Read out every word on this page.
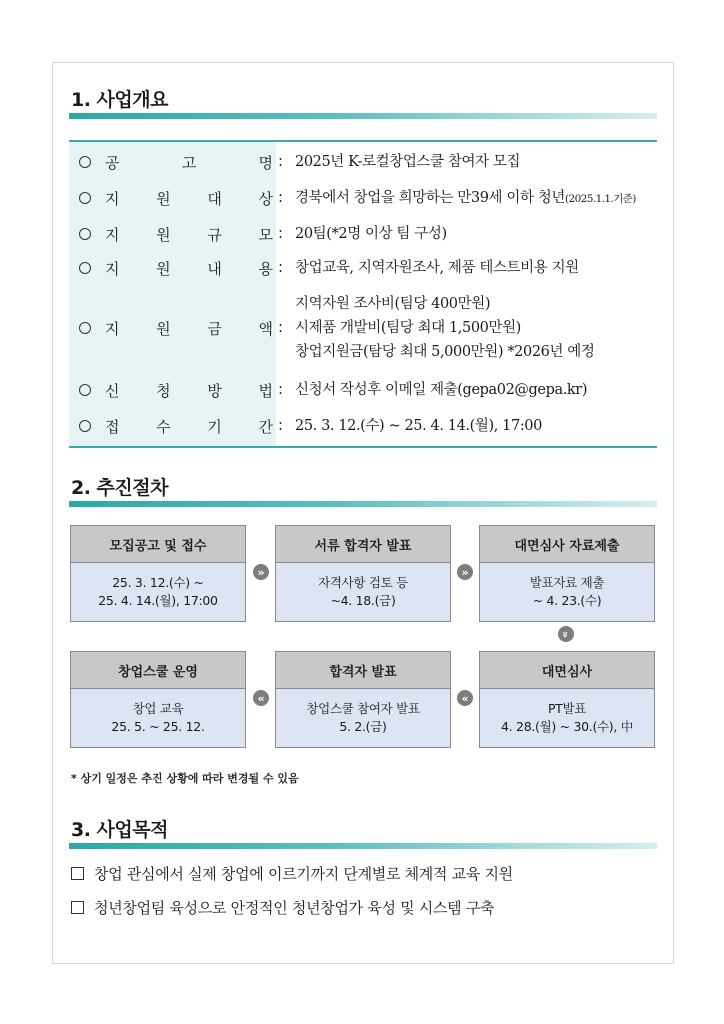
1. 사업개요
공	고	명 : 2025년 K-로컬창업스쿨 참여자 모집
지 원 대 상 : 경북에서 창업을 희망하는 만39세 이하 청년(2025.1.1.기준)
지 원 규 모 : 20팀(*2명 이상 팀 구성)
지 원 내 용 : 창업교육, 지역자원조사, 제품 테스트비용 지원
지 원 금 액 :
지역자원 조사비(팀당 400만원)
시제품 개발비(팀당 최대 1,500만원)
창업지원금(탐당 최대 5,000만원) *2026년 예정
신 청 방 법 : 신청서 작성후 이메일 제출(gepa02@gepa.kr)
접 수 기 간 : 25. 3. 12.(수) ~ 25. 4. 14.(월), 17:00
2. 추진절차
모집공고 및 접수
25. 3. 12.(수) ~
25. 4. 14.(월), 17:00
»
서류 합격자 발표
자격사항 검토 등
~4. 18.(금)
»
대면심사 자료제출
발표자료 제출
~ 4. 23.(수)
»
창업스쿨 운영
창업 교육
25. 5. ~ 25. 12.
«
합격자 발표
창업스쿨 참여자 발표
5. 2.(금)
«
대면심사
PT발표
4. 28.(월) ~ 30.(수), 中
* 상기 일정은 추진 상황에 따라 변경될 수 있음
3. 사업목적
창업 관심에서 실제 창업에 이르기까지 단계별로 체계적 교육 지원
청년창업팀 육성으로 안정적인 청년창업가 육성 및 시스템 구축
